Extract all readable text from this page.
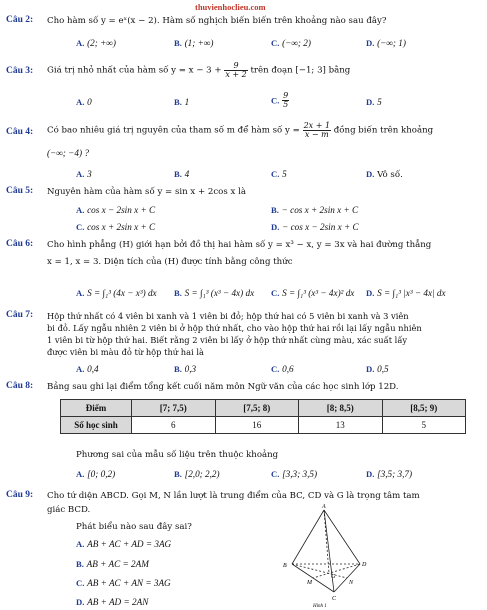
thuvienhoclieu.com
Câu 2: Cho hàm số y = eˣ(x − 2). Hàm số nghịch biến biến trên khoảng nào sau đây?
A. (2; +∞)	B. (1; +∞)	C. (−∞; 2)	D. (−∞; 1)
Câu 3: Giá trị nhỏ nhất của hàm số $y = x - 3 + \frac{9}{x + 2}$ trên đoạn [−1; 3] bằng
A. 0	B. 1	C. $\frac{9}{5}$	D. 5
Câu 4: Có bao nhiêu giá trị nguyên của tham số m để hàm số $y = \frac{2x + 1}{x - m}$ đồng biến trên khoảng
(−∞; −4) ?
A. 3	B. 4	C. 5	D. Vô số.
Câu 5: Nguyên hàm của hàm số y = sin x + 2cos x là
A. cos x − 2sin x + C	B. − cos x + 2sin x + C
C. cos x + 2sin x + C	D. − cos x − 2sin x + C
Câu 6: Cho hình phẳng (H) giới hạn bởi đồ thị hai hàm số y = x³ − x, y = 3x và hai đường thẳng
x = 1, x = 3. Diện tích của (H) được tính bằng công thức
A. S = ∫₁³ (4x − x³) dx B. S = ∫₁³ (x³ − 4x) dx C. S = ∫₁³ (x³ − 4x)² dx D. S = ∫₁³ |x³ − 4x| dx
Câu 7: Hộp thứ nhất có 4 viên bi xanh và 1 viên bi đỏ; hộp thứ hai có 5 viên bi xanh và 3 viên
bi đỏ. Lấy ngẫu nhiên 2 viên bi ở hộp thứ nhất, cho vào hộp thứ hai rồi lại lấy ngẫu nhiên
1 viên bi từ hộp thứ hai. Biết rằng 2 viên bi lấy ở hộp thứ nhất cùng màu, xác suất lấy
được viên bi màu đỏ từ hộp thứ hai là
A. 0,4	B. 0,3	C. 0,6	D. 0,5
Câu 8: Bảng sau ghi lại điểm tổng kết cuối năm môn Ngữ văn của các học sinh lớp 12D.
Điểm	[7; 7,5)	[7,5; 8)	[8; 8,5)	[8,5; 9)
Số học sinh	6	16	13	5
Phương sai của mẫu số liệu trên thuộc khoảng
A. [0; 0,2)	B. [2,0; 2,2)	C. [3,3; 3,5)	D. [3,5; 3,7)
Câu 9: Cho tứ diện ABCD. Gọi M, N lần lượt là trung điểm của BC, CD và G là trọng tâm tam
giác BCD.
Phát biểu nào sau đây sai?
A. AB + AC + AD = 3AG
B. AB + AC = 2AM
C. AB + AC + AN = 3AG
D. AB + AD = 2AN
A
B
C
D
M	N
G
Hình 1
